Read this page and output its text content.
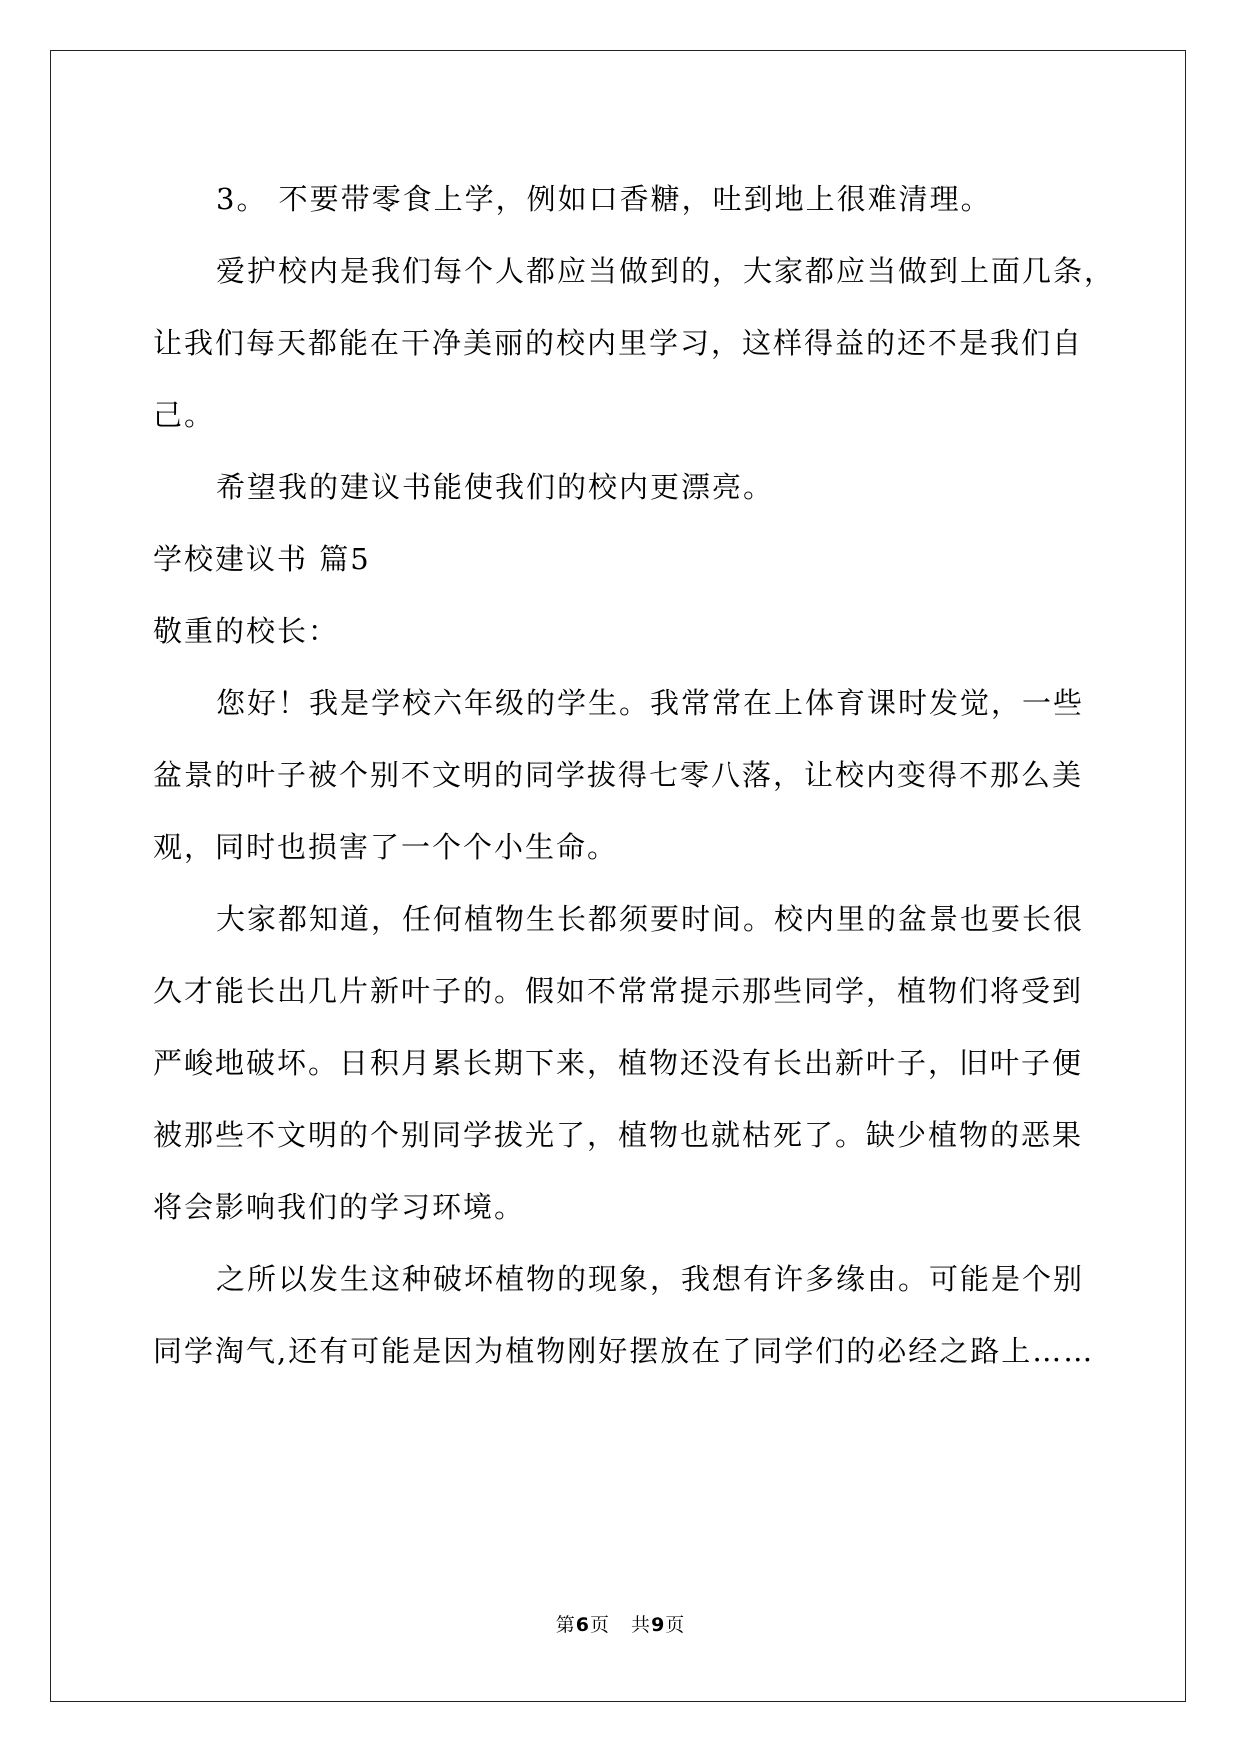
3。 不要带零食上学，例如口香糖，吐到地上很难清理。
爱护校内是我们每个人都应当做到的，大家都应当做到上面几条，
让我们每天都能在干净美丽的校内里学习，这样得益的还不是我们自
己。
希望我的建议书能使我们的校内更漂亮。
学校建议书 篇5
敬重的校长：
您好！我是学校六年级的学生。我常常在上体育课时发觉，一些
盆景的叶子被个别不文明的同学拔得七零八落，让校内变得不那么美
观，同时也损害了一个个小生命。
大家都知道，任何植物生长都须要时间。校内里的盆景也要长很
久才能长出几片新叶子的。假如不常常提示那些同学，植物们将受到
严峻地破坏。日积月累长期下来，植物还没有长出新叶子，旧叶子便
被那些不文明的个别同学拔光了，植物也就枯死了。缺少植物的恶果
将会影响我们的学习环境。
之所以发生这种破坏植物的现象，我想有许多缘由。可能是个别
同学淘气,还有可能是因为植物刚好摆放在了同学们的必经之路上……
第6页   共9页
